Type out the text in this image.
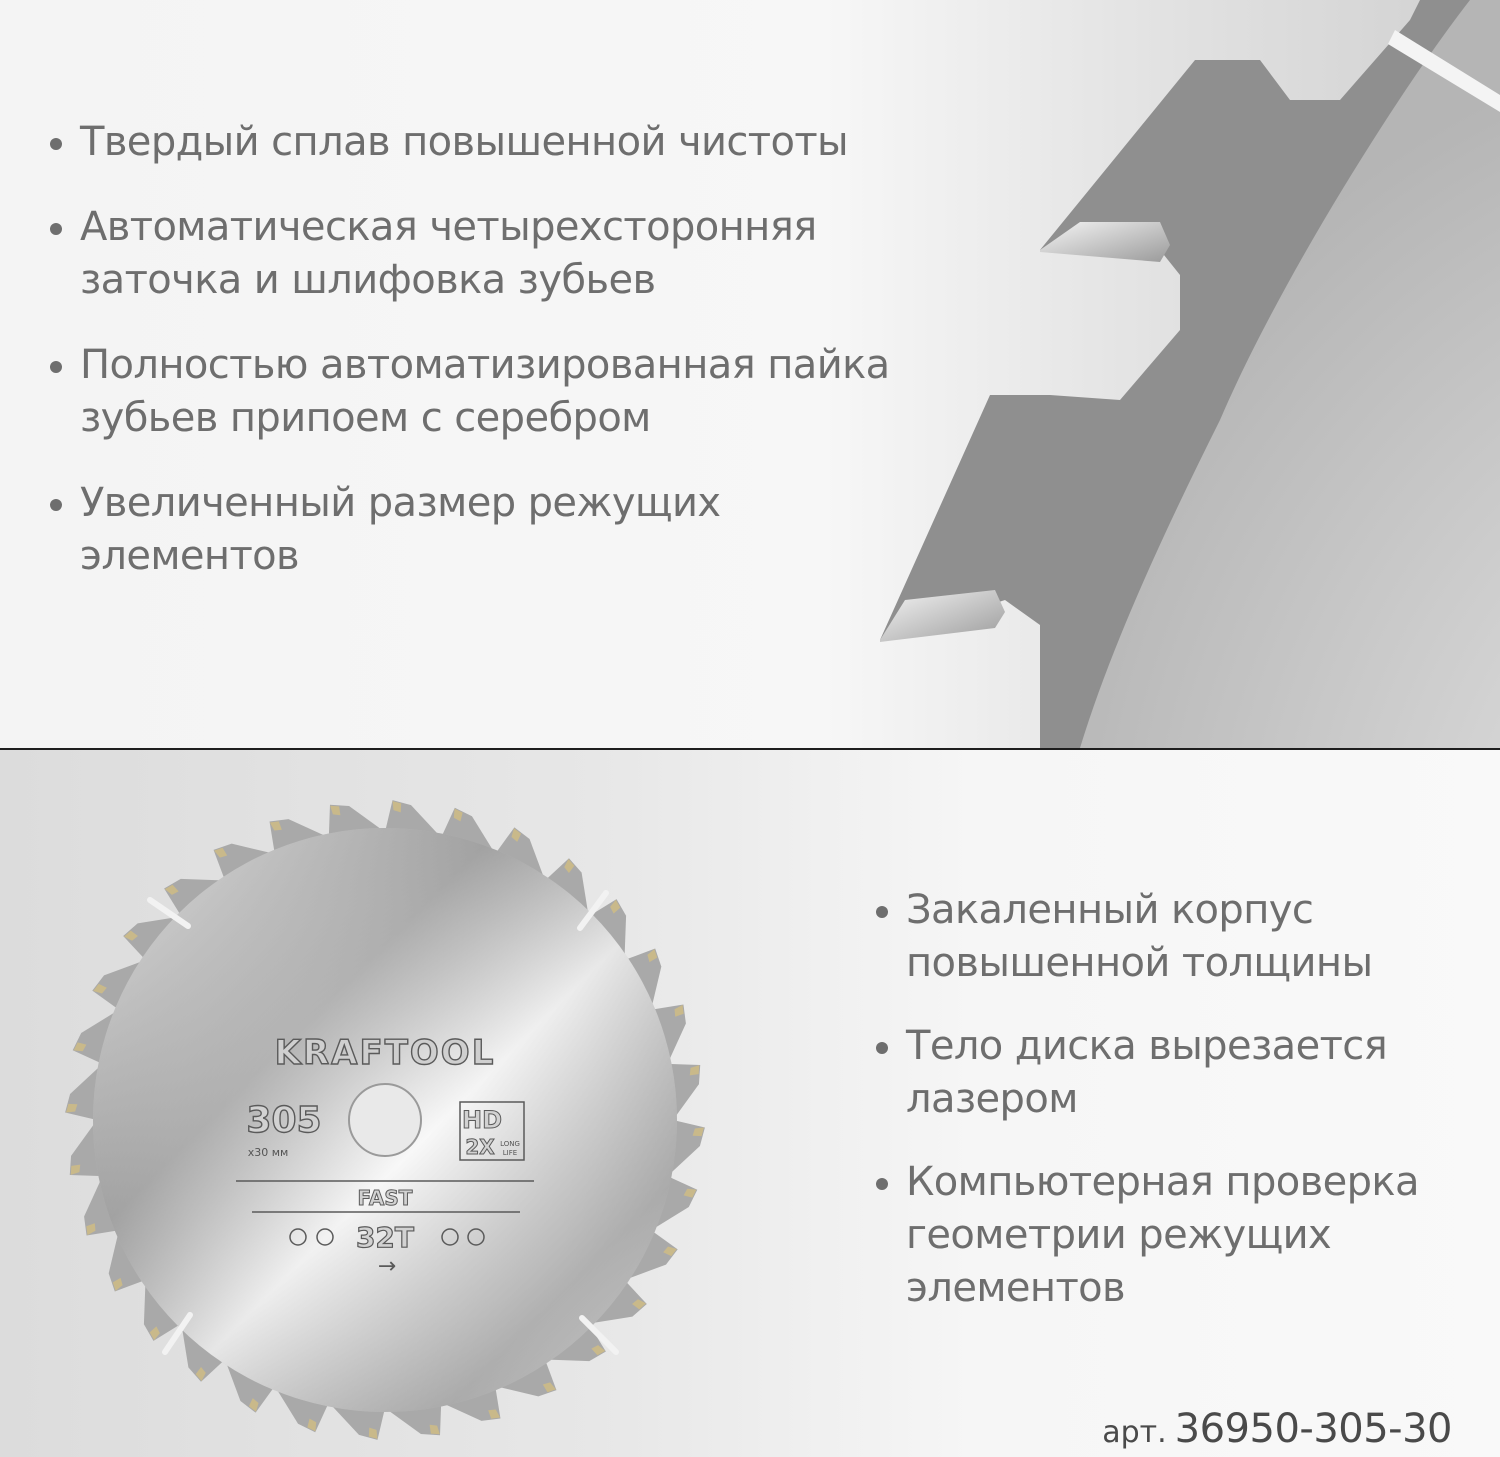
Твердый сплав повышенной чистоты
Автоматическая четырехсторонняя заточка и шлифовка зубьев
Полностью автоматизированная пайка зубьев припоем с серебром
Увеличенный размер режущих элементов
KRAFTOOL
305
x30 мм
HD
2X LONG
LIFE
FAST
32T
→
Закаленный корпус повышенной толщины
Тело диска вырезается лазером
Компьютерная проверка геометрии режущих элементов
арт. 36950-305-30
